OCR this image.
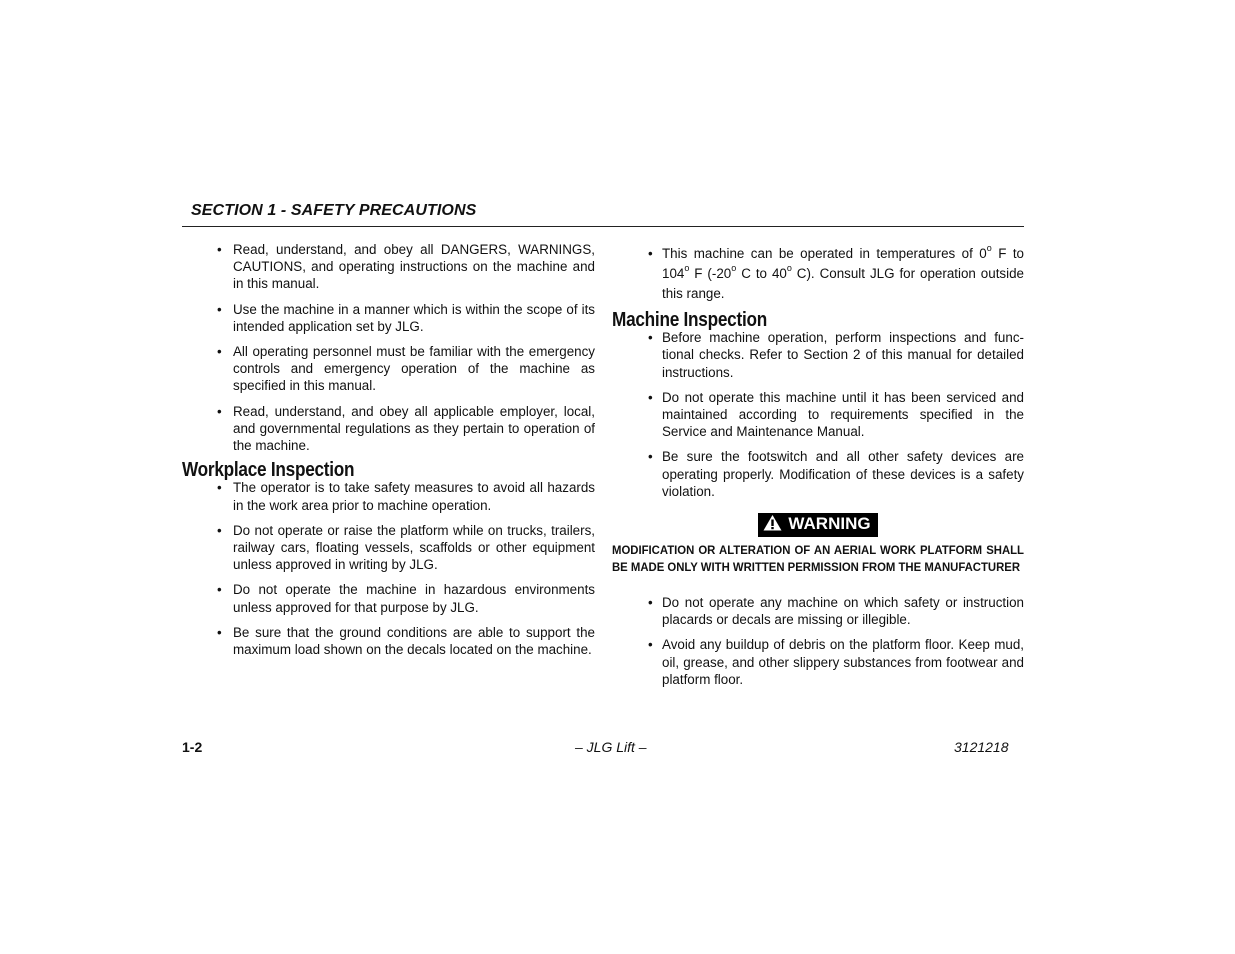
SECTION 1 - SAFETY PRECAUTIONS
• Read, understand, and obey all DANGERS, WARNINGS, CAUTIONS, and operating instructions on the machine and in this manual.
• Use the machine in a manner which is within the scope of its intended application set by JLG.
• All operating personnel must be familiar with the emergency controls and emergency operation of the machine as specified in this manual.
• Read, understand, and obey all applicable employer, local, and governmental regulations as they pertain to operation of the machine.
Workplace Inspection
• The operator is to take safety measures to avoid all hazards in the work area prior to machine operation.
• Do not operate or raise the platform while on trucks, trailers, railway cars, floating vessels, scaffolds or other equipment unless approved in writing by JLG.
• Do not operate the machine in hazardous environments unless approved for that purpose by JLG.
• Be sure that the ground conditions are able to support the maximum load shown on the decals located on the machine.
• This machine can be operated in temperatures of 0$^o$ F to 104$^o$ F (-20$^o$ C to 40$^o$ C). Consult JLG for operation outside this range.
Machine Inspection
• Before machine operation, perform inspections and functional checks. Refer to Section 2 of this manual for detailed instructions.
• Do not operate this machine until it has been serviced and maintained according to requirements specified in the Service and Maintenance Manual.
• Be sure the footswitch and all other safety devices are operating properly. Modification of these devices is a safety violation.
WARNING
MODIFICATION OR ALTERATION OF AN AERIAL WORK PLATFORM SHALL BE MADE ONLY WITH WRITTEN PERMISSION FROM THE MANUFACTURER
• Do not operate any machine on which safety or instruction placards or decals are missing or illegible.
• Avoid any buildup of debris on the platform floor. Keep mud, oil, grease, and other slippery substances from footwear and platform floor.
1-2	– JLG Lift –	3121218
